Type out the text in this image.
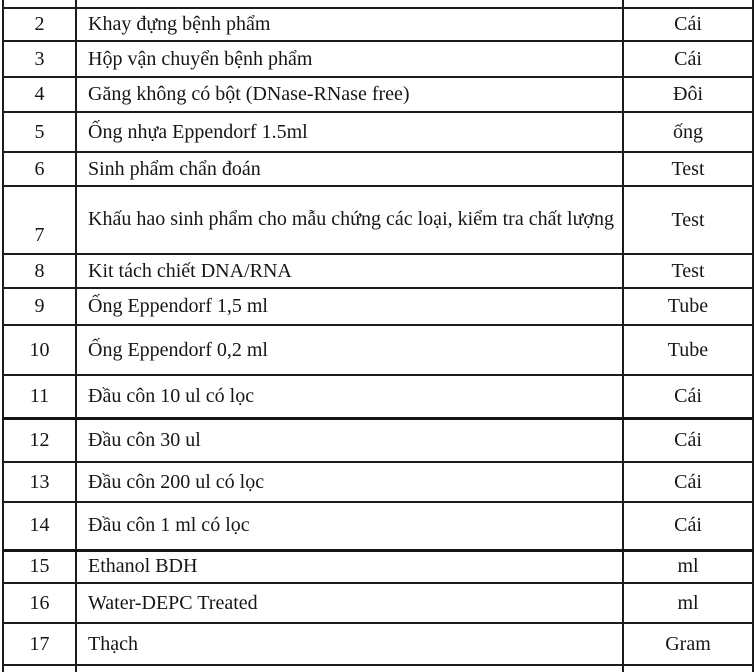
2	Khay đựng bệnh phẩm	Cái
3	Hộp vận chuyển bệnh phẩm	Cái
4	Găng không có bột (DNase-RNase free)	Đôi
5	Ống nhựa Eppendorf 1.5ml	ống
6	Sinh phẩm chẩn đoán	Test
7	Khấu hao sinh phẩm cho mẫu chứng các loại, kiểm tra chất lượng	Test
8	Kit tách chiết DNA/RNA	Test
9	Ống Eppendorf 1,5 ml	Tube
10	Ống Eppendorf 0,2 ml	Tube
11	Đầu côn 10 ul có lọc	Cái
12	Đầu côn 30 ul	Cái
13	Đầu côn 200 ul có lọc	Cái
14	Đầu côn 1 ml có lọc	Cái
15	Ethanol BDH	ml
16	Water-DEPC Treated	ml
17	Thạch	Gram
